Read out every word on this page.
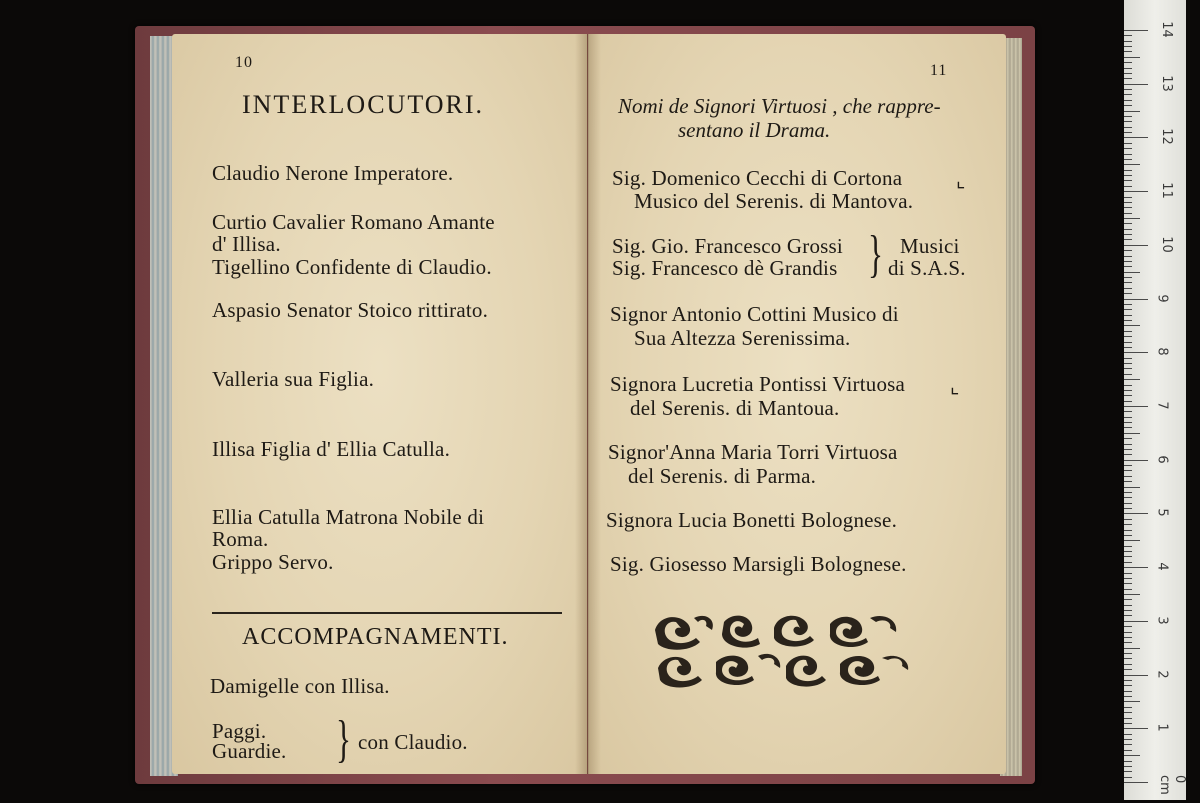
10
INTERLOCUTORI.
Claudio Nerone Imperatore.
Curtio Cavalier Romano Amante
d' Illisa.
Tigellino Confidente di Claudio.
Aspasio Senator Stoico rittirato.
Valleria sua Figlia.
Illisa Figlia d' Ellia Catulla.
Ellia Catulla Matrona Nobile di
Roma.
Grippo Servo.
ACCOMPAGNAMENTI.
Damigelle con Illisa.
Paggi.
Guardie. } con Claudio.
11
Nomi de Signori Virtuosi , che rappre-
sentano il Drama.
Sig. Domenico Cecchi di Cortona	⌞
Musico del Serenis. di Mantova.
Sig. Gio. Francesco Grossi
Sig. Francesco dè Grandis } Musici
di S.A.S.
Signor Antonio Cottini Musico di
Sua Altezza Serenissima.
Signora Lucretia Pontissi Virtuosa ⌞
del Serenis. di Mantoua.
Signor'Anna Maria Torri Virtuosa
del Serenis. di Parma.
Signora Lucia Bonetti Bolognese.
Sig. Giosesso Marsigli Bolognese.
14
13
12
11
10
9
8
7
6
5
4
3
2
1
0 cm
